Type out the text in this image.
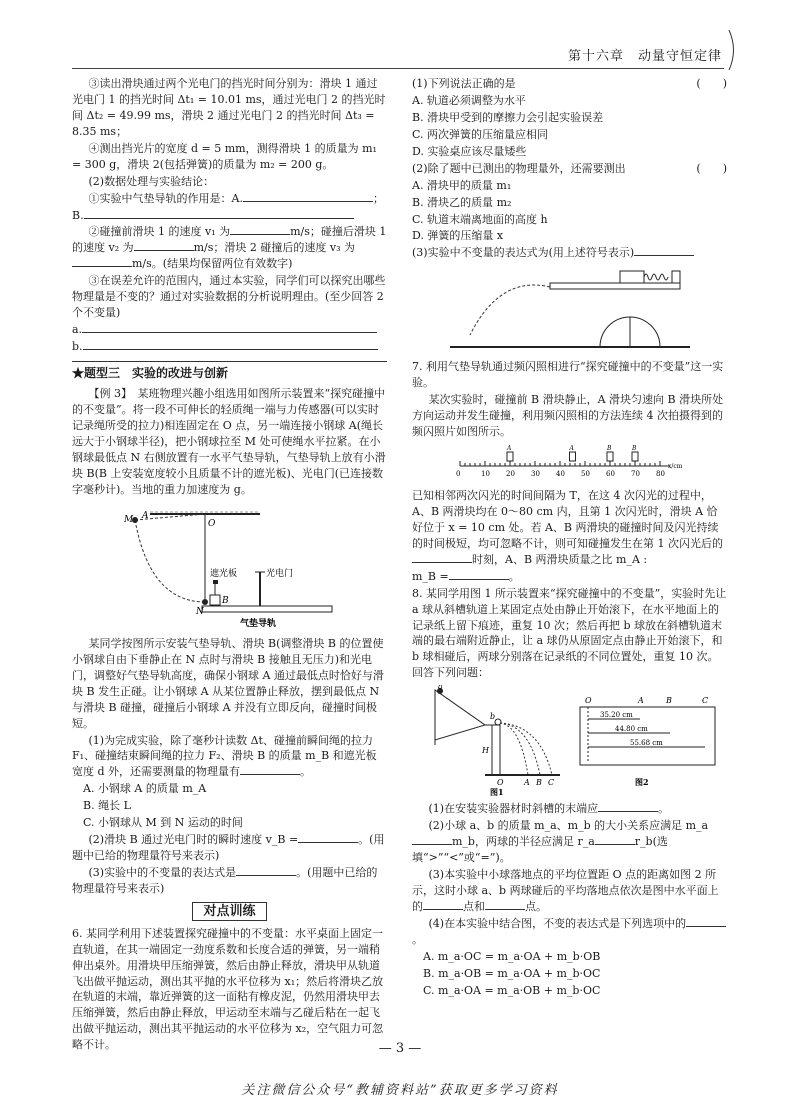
第十六章　动量守恒定律

③读出滑块通过两个光电门的挡光时间分别为：滑块 1 通过光电门 1 的挡光时间 Δt₁ = 10.01 ms，通过光电门 2 的挡光时间 Δt₂ = 49.99 ms，滑块 2 通过光电门 2 的挡光时间 Δt₃ = 8.35 ms；

④测出挡光片的宽度 d = 5 mm，测得滑块 1 的质量为 m₁ = 300 g，滑块 2(包括弹簧)的质量为 m₂ = 200 g。

(2)数据处理与实验结论：

①实验中气垫导轨的作用是：A.	；

B.

②碰撞前滑块 1 的速度 v₁ 为	m/s；碰撞后滑块 1 的速度 v₂ 为	m/s；滑块 2 碰撞后的速度 v₃ 为m/s。(结果均保留两位有效数字)

③在误差允许的范围内，通过本实验，同学们可以探究出哪些物理量是不变的？通过对实验数据的分析说明理由。(至少回答 2 个不变量)

a.

b.

★题型三　实验的改进与创新

【例 3】　某班物理兴趣小组选用如图所示装置来“探究碰撞中的不变量”。将一段不可伸长的轻质绳一端与力传感器(可以实时记录绳所受的拉力)相连固定在 O 点，另一端连接小钢球 A(绳长远大于小钢球半径)，把小钢球拉至 M 处可使绳水平拉紧。在小钢球最低点 N 右侧放置有一水平气垫导轨，气垫导轨上放有小滑块 B(B 上安装宽度较小且质量不计的遮光板)、光电门(已连接数字毫秒计)。当地的重力加速度为 g。

M A
O
N
B
遮光板	光电门
气垫导轨

某同学按图所示安装气垫导轨、滑块 B(调整滑块 B 的位置使小钢球自由下垂静止在 N 点时与滑块 B 接触且无压力)和光电门，调整好气垫导轨高度，确保小钢球 A 通过最低点时恰好与滑块 B 发生正碰。让小钢球 A 从某位置静止释放，摆到最低点 N 与滑块 B 碰撞，碰撞后小钢球 A 并没有立即反向，碰撞时间极短。

(1)为完成实验，除了毫秒计读数 Δt、碰撞前瞬间绳的拉力 F₁、碰撞结束瞬间绳的拉力 F₂、滑块 B 的质量 m_B 和遮光板宽度 d 外，还需要测量的物理量有	。

A. 小钢球 A 的质量 m_A

B. 绳长 L

C. 小钢球从 M 到 N 运动的时间

(2)滑块 B 通过光电门时的瞬时速度 v_B =	。(用题中已给的物理量符号来表示)

(3)实验中的不变量的表达式是	。(用题中已给的物理量符号来表示)

对点训练

6. 某同学利用下述装置探究碰撞中的不变量：水平桌面上固定一直轨道，在其一端固定一劲度系数和长度合适的弹簧，另一端稍伸出桌外。用滑块甲压缩弹簧，然后由静止释放，滑块甲从轨道飞出做平抛运动，测出其平抛的水平位移为 x₁；然后将滑块乙放在轨道的末端，靠近弹簧的这一面粘有橡皮泥，仍然用滑块甲去压缩弹簧，然后由静止释放，甲运动至末端与乙碰后粘在一起飞出做平抛运动，测出其平抛运动的水平位移为 x₂，空气阻力可忽略不计。

(1)下列说法正确的是	(　　)

A. 轨道必须调整为水平

B. 滑块甲受到的摩擦力会引起实验误差

C. 两次弹簧的压缩量应相同

D. 实验桌应该尽量矮些

(2)除了题中已测出的物理量外，还需要测出	(　　)

A. 滑块甲的质量 m₁

B. 滑块乙的质量 m₂

C. 轨道末端离地面的高度 h

D. 弹簧的压缩量 x

(3)实验中不变量的表达式为(用上述符号表示)

7. 利用气垫导轨通过频闪照相进行“探究碰撞中的不变量”这一实验。

某次实验时，碰撞前 B 滑块静止，A 滑块匀速向 B 滑块所处方向运动并发生碰撞，利用频闪照相的方法连续 4 次拍摄得到的频闪照片如图所示。

0	10 20 30 40 50 60 70 80
x/cm
A	A	B	B

已知相邻两次闪光的时间间隔为 T，在这 4 次闪光的过程中，A、B 两滑块均在 0～80 cm 内，且第 1 次闪光时，滑块 A 恰好位于 x = 10 cm 处。若 A、B 两滑块的碰撞时间及闪光持续的时间极短，均可忽略不计，则可知碰撞发生在第 1 次闪光后的时刻，A、B 两滑块质量之比 m_A :

m_B =	。

8. 某同学用图 1 所示装置来“探究碰撞中的不变量”，实验时先让 a 球从斜槽轨道上某固定点处由静止开始滚下，在水平地面上的记录纸上留下痕迹，重复 10 次；然后再把 b 球放在斜槽轨道末端的最右端附近静止，让 a 球仍从原固定点由静止开始滚下，和 b 球相碰后，两球分别落在记录纸的不同位置处，重复 10 次。回答下列问题：

a
b
H
O	A B C
图1
O	A	B	C
35.20 cm
44.80 cm
55.68 cm
图2

(1)在安装实验器材时斜槽的末端应	。

(2)小球 a、b 的质量 m_a、m_b 的大小关系应满足 m_am_b，两球的半径应满足 r_a	r_b(选填“>”“<”或“=”)。

(3)本实验中小球落地点的平均位置距 O 点的距离如图 2 所示，这时小球 a、b 两球碰后的平均落地点依次是图中水平面上的	点和	点。

(4)在本实验中结合图，不变的表达式是下列选项中的。

A. m_a·OC = m_a·OA + m_b·OB

B. m_a·OB = m_a·OA + m_b·OC

C. m_a·OA = m_a·OB + m_b·OC

— 3 —
关注微信公众号“教辅资料站”获取更多学习资料
